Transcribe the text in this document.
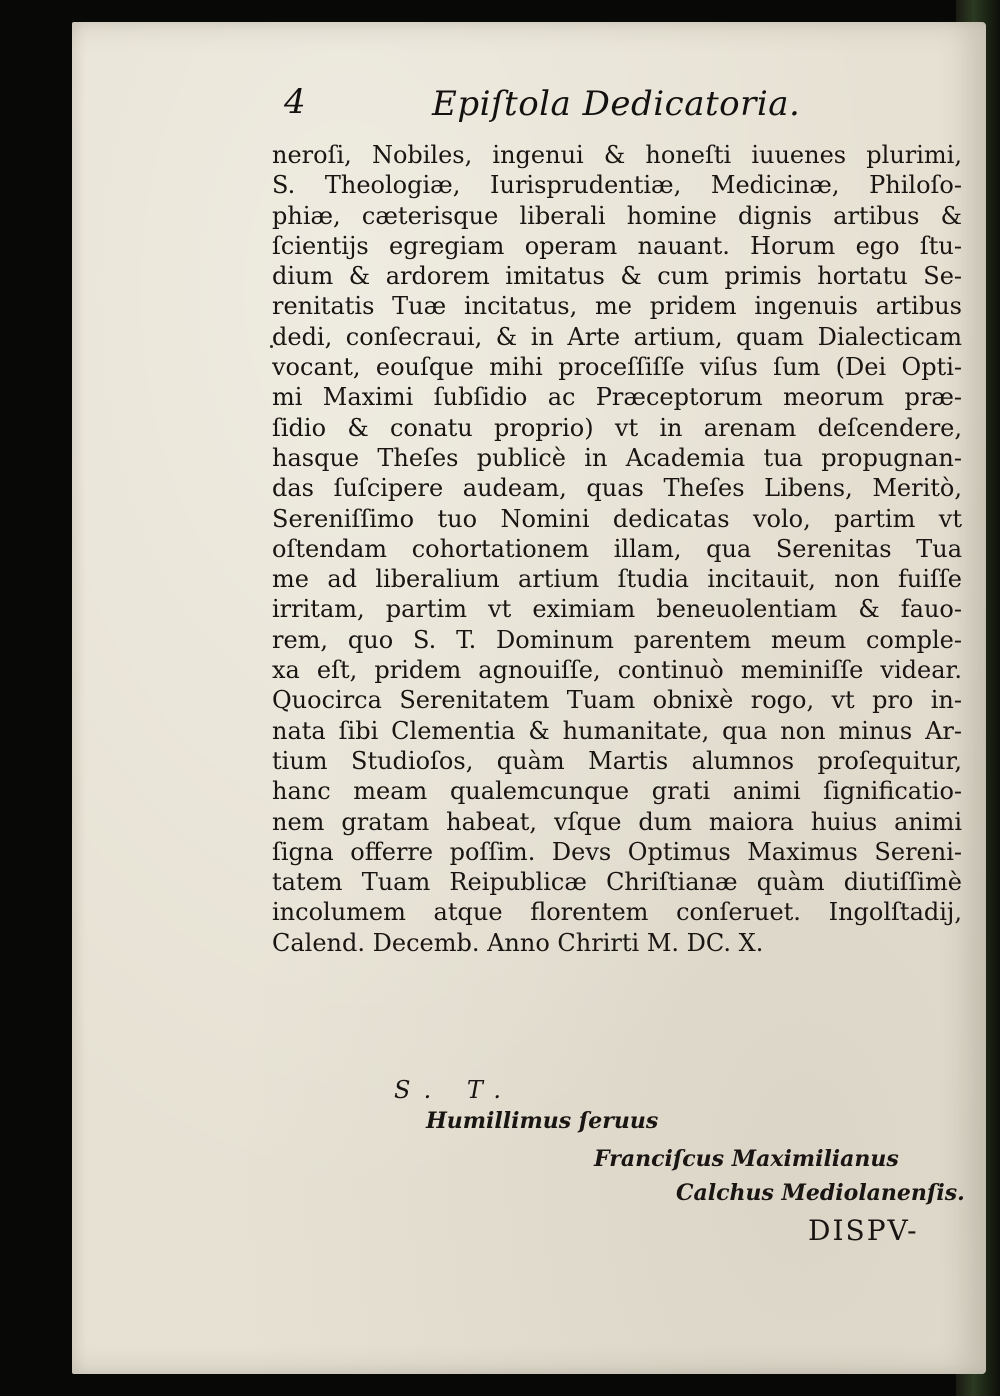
4	Epiſtola Dedicatoria.
neroſi, Nobiles, ingenui & honeſti iuuenes plurimi,
S. Theologiæ, Iurisprudentiæ, Medicinæ, Philoſo-
phiæ, cæterisque liberali homine dignis artibus &
ſcientijs egregiam operam nauant. Horum ego ſtu-
dium & ardorem imitatus & cum primis hortatu Se-
renitatis Tuæ incitatus, me pridem ingenuis artibus
dedi, conſecraui, & in Arte artium, quam Dialecticam
vocant, eouſque mihi proceſſiſſe viſus ſum (Dei Opti-
mi Maximi ſubſidio ac Præceptorum meorum præ-
ſidio & conatu proprio) vt in arenam deſcendere,
hasque Theſes publicè in Academia tua propugnan-
das ſuſcipere audeam, quas Theſes Libens, Meritò,
Sereniſſimo tuo Nomini dedicatas volo, partim vt
oſtendam cohortationem illam, qua Serenitas Tua
me ad liberalium artium ſtudia incitauit, non fuiſſe
irritam, partim vt eximiam beneuolentiam & fauo-
rem, quo S. T. Dominum parentem meum comple-
xa eſt, pridem agnouiſſe, continuò meminiſſe videar.
Quocirca Serenitatem Tuam obnixè rogo, vt pro in-
nata ſibi Clementia & humanitate, qua non minus Ar-
tium Studioſos, quàm Martis alumnos proſequitur,
hanc meam qualemcunque grati animi ſignificatio-
nem gratam habeat, vſque dum maiora huius animi
ſigna offerre poſſim. Devs Optimus Maximus Sereni-
tatem Tuam Reipublicæ Chriſtianæ quàm diutiſſimè
incolumem atque florentem conſeruet. Ingolſtadij,
Calend. Decemb. Anno Chrirti M. DC. X.
S. T.
Humillimus ſeruus
Franciſcus Maximilianus
Calchus Mediolanenſis.
DISPV-
